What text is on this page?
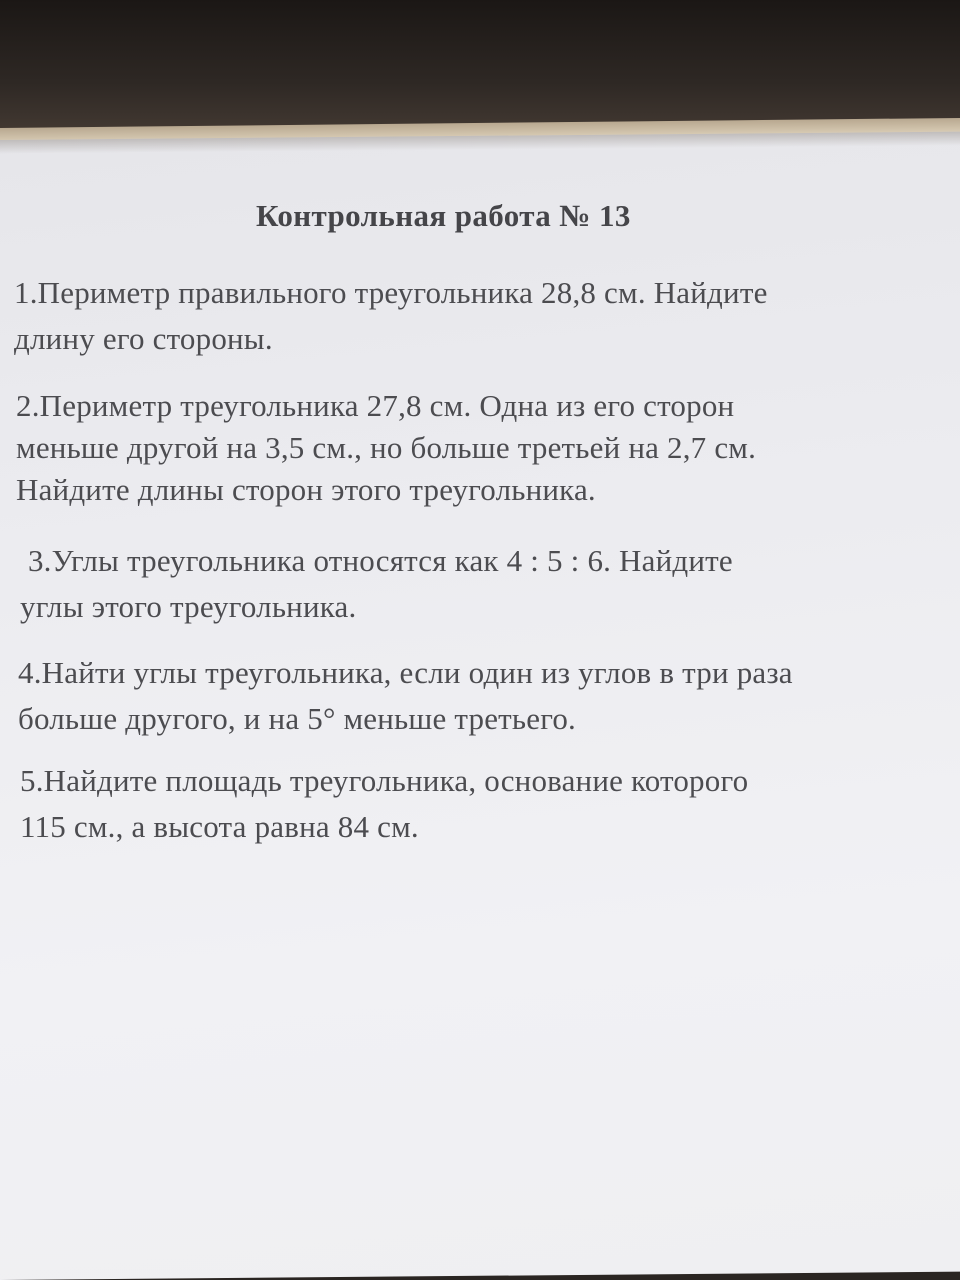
Контрольная работа № 13
1.Периметр правильного треугольника 28,8 см. Найдите
длину его стороны.
2.Периметр треугольника 27,8 см. Одна из его сторон
меньше другой на 3,5 см., но больше третьей на 2,7 см.
Найдите длины сторон этого треугольника.
3.Углы треугольника относятся как 4 : 5 : 6. Найдите
углы этого треугольника.
4.Найти углы треугольника, если один из углов в три раза
больше другого, и на 5° меньше третьего.
5.Найдите площадь треугольника, основание которого
115 см., а высота равна 84 см.
